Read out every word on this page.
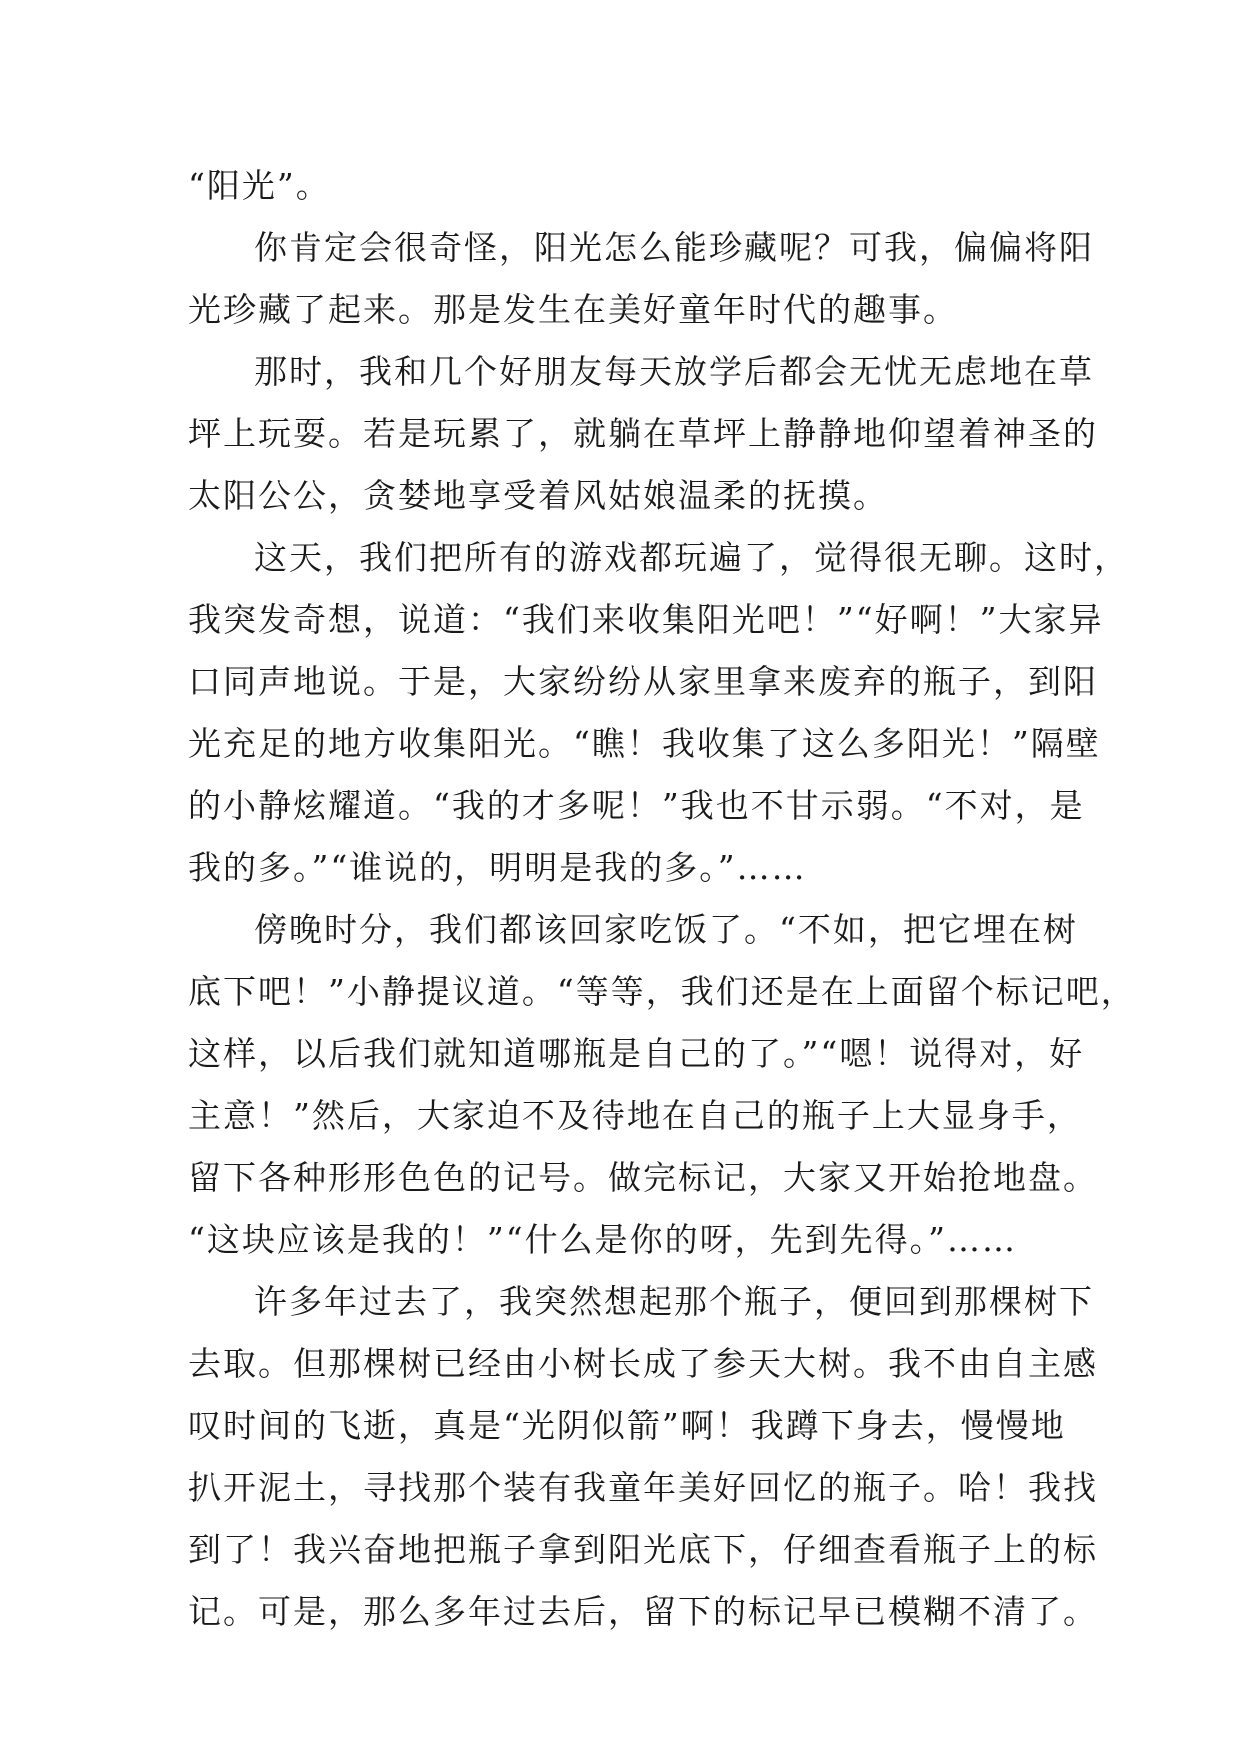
“阳光”。
你肯定会很奇怪，阳光怎么能珍藏呢？可我，偏偏将阳
光珍藏了起来。那是发生在美好童年时代的趣事。
那时，我和几个好朋友每天放学后都会无忧无虑地在草
坪上玩耍。若是玩累了，就躺在草坪上静静地仰望着神圣的
太阳公公，贪婪地享受着风姑娘温柔的抚摸。
这天，我们把所有的游戏都玩遍了，觉得很无聊。这时，
我突发奇想，说道：“我们来收集阳光吧！”“好啊！”大家异
口同声地说。于是，大家纷纷从家里拿来废弃的瓶子，到阳
光充足的地方收集阳光。“瞧！我收集了这么多阳光！”隔壁
的小静炫耀道。“我的才多呢！”我也不甘示弱。“不对，是
我的多。”“谁说的，明明是我的多。”……
傍晚时分，我们都该回家吃饭了。“不如，把它埋在树
底下吧！”小静提议道。“等等，我们还是在上面留个标记吧，
这样，以后我们就知道哪瓶是自己的了。”“嗯！说得对，好
主意！”然后，大家迫不及待地在自己的瓶子上大显身手，
留下各种形形色色的记号。做完标记，大家又开始抢地盘。
“这块应该是我的！”“什么是你的呀，先到先得。”……
许多年过去了，我突然想起那个瓶子，便回到那棵树下
去取。但那棵树已经由小树长成了参天大树。我不由自主感
叹时间的飞逝，真是“光阴似箭”啊！我蹲下身去，慢慢地
扒开泥土，寻找那个装有我童年美好回忆的瓶子。哈！我找
到了！我兴奋地把瓶子拿到阳光底下，仔细查看瓶子上的标
记。可是，那么多年过去后，留下的标记早已模糊不清了。
